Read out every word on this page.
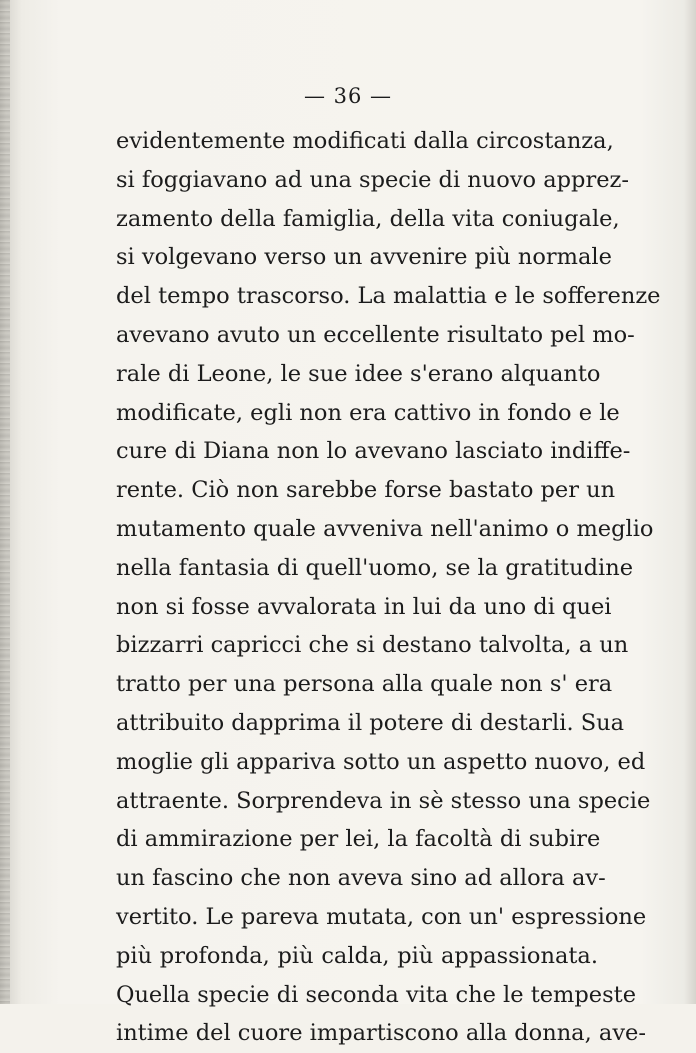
— 36 —
evidentemente modificati dalla circostanza,
si foggiavano ad una specie di nuovo apprez-
zamento della famiglia, della vita coniugale,
si volgevano verso un avvenire più normale
del tempo trascorso. La malattia e le sofferenze
avevano avuto un eccellente risultato pel mo-
rale di Leone, le sue idee s'erano alquanto
modificate, egli non era cattivo in fondo e le
cure di Diana non lo avevano lasciato indiffe-
rente. Ciò non sarebbe forse bastato per un
mutamento quale avveniva nell'animo o meglio
nella fantasia di quell'uomo, se la gratitudine
non si fosse avvalorata in lui da uno di quei
bizzarri capricci che si destano talvolta, a un
tratto per una persona alla quale non s' era
attribuito dapprima il potere di destarli. Sua
moglie gli appariva sotto un aspetto nuovo, ed
attraente. Sorprendeva in sè stesso una specie
di ammirazione per lei, la facoltà di subire
un fascino che non aveva sino ad allora av-
vertito. Le pareva mutata, con un' espressione
più profonda, più calda, più appassionata.
Quella specie di seconda vita che le tempeste
intime del cuore impartiscono alla donna, ave-
